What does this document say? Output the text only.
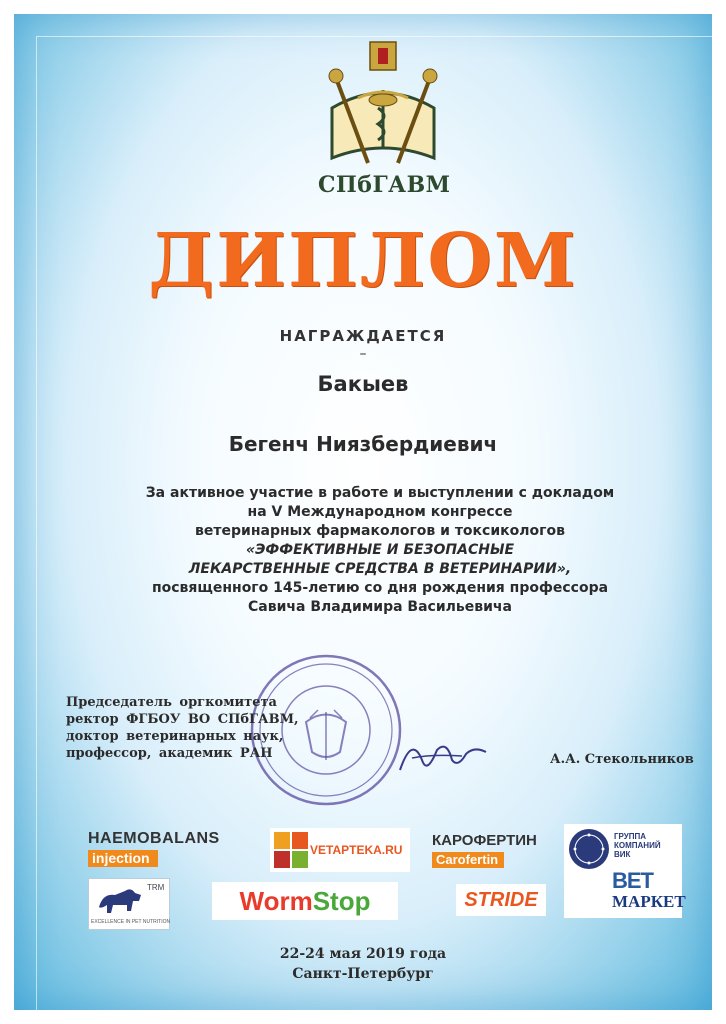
СПбГАВМ
ДИПЛОМ
НАГРАЖДАЕТСЯ
–
Бакыев
Бегенч Ниязбердиевич
За активное участие в работе и выступлении с докладом
на V Международном конгрессе
ветеринарных фармакологов и токсикологов
«ЭФФЕКТИВНЫЕ И БЕЗОПАСНЫЕ
ЛЕКАРСТВЕННЫЕ СРЕДСТВА В ВЕТЕРИНАРИИ»,
посвященного 145-летию со дня рождения профессора
Савича Владимира Васильевича
Председатель оргкомитета
ректор ФГБОУ ВО СПбГАВМ,
доктор ветеринарных наук,
профессор, академик РАН	А.А. Стекольников
HAEMOBALANS
injection	VETAPTEKA.RU
КАРОФЕРТИН
Carofertin
ГРУППА
КОМПАНИЙ
ВИК
ВЕТ
МАРКЕТ
TRM
EXCELLENCE IN PET NUTRITION
WormStop	STRIDE
22-24 мая 2019 года
Санкт-Петербург
